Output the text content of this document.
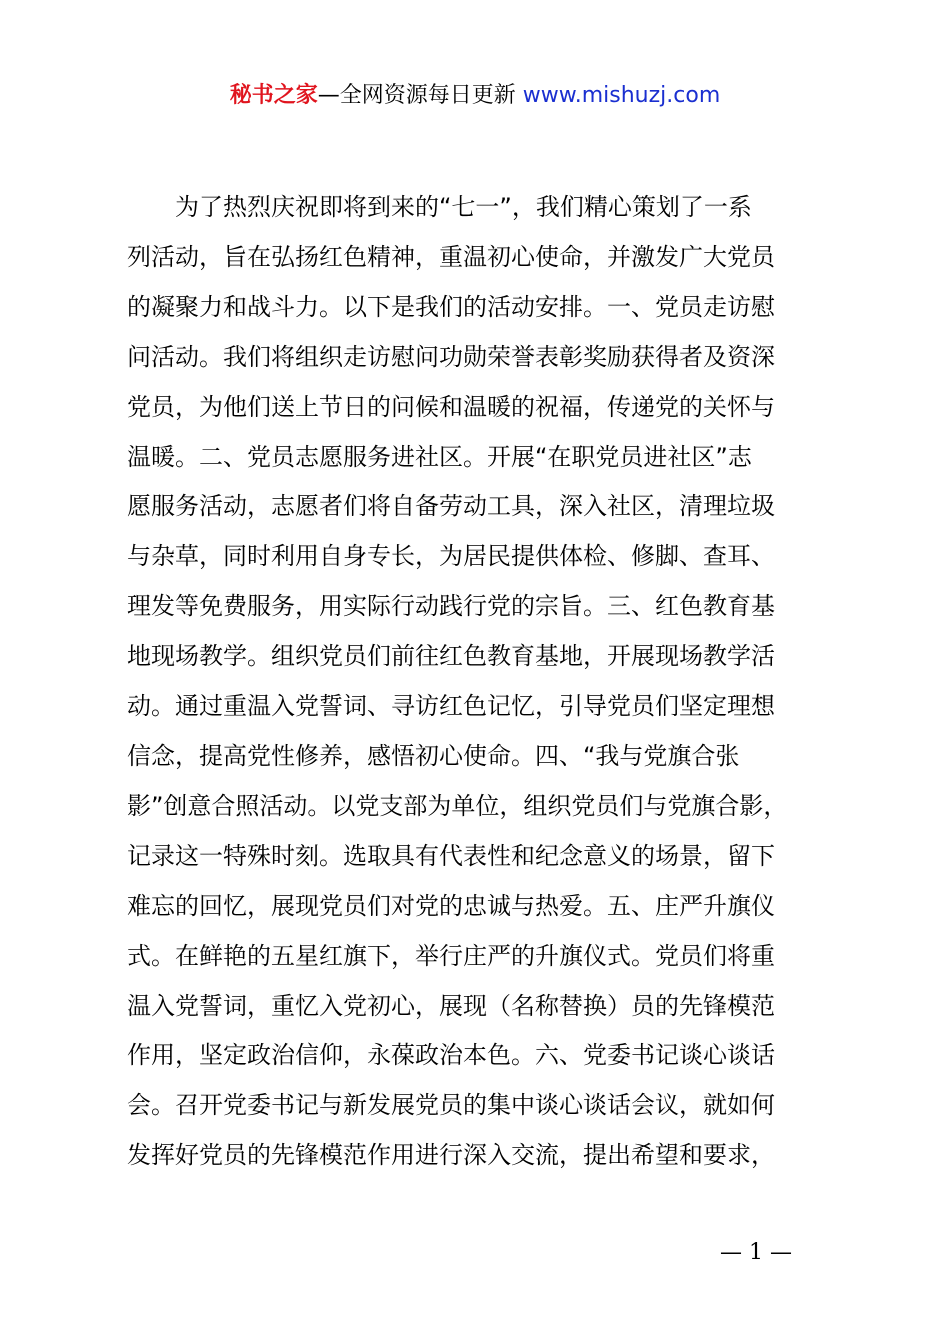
秘书之家—全网资源每日更新 www.mishuzj.com
　　为了热烈庆祝即将到来的“七一”，我们精心策划了一系
列活动，旨在弘扬红色精神，重温初心使命，并激发广大党员
的凝聚力和战斗力。以下是我们的活动安排。一、党员走访慰
问活动。我们将组织走访慰问功勋荣誉表彰奖励获得者及资深
党员，为他们送上节日的问候和温暖的祝福，传递党的关怀与
温暖。二、党员志愿服务进社区。开展“在职党员进社区”志
愿服务活动，志愿者们将自备劳动工具，深入社区，清理垃圾
与杂草，同时利用自身专长，为居民提供体检、修脚、查耳、
理发等免费服务，用实际行动践行党的宗旨。三、红色教育基
地现场教学。组织党员们前往红色教育基地，开展现场教学活
动。通过重温入党誓词、寻访红色记忆，引导党员们坚定理想
信念，提高党性修养，感悟初心使命。四、“我与党旗合张
影”创意合照活动。以党支部为单位，组织党员们与党旗合影，
记录这一特殊时刻。选取具有代表性和纪念意义的场景，留下
难忘的回忆，展现党员们对党的忠诚与热爱。五、庄严升旗仪
式。在鲜艳的五星红旗下，举行庄严的升旗仪式。党员们将重
温入党誓词，重忆入党初心，展现（名称替换）员的先锋模范
作用，坚定政治信仰，永葆政治本色。六、党委书记谈心谈话
会。召开党委书记与新发展党员的集中谈心谈话会议，就如何
发挥好党员的先锋模范作用进行深入交流，提出希望和要求，
— 1 —
